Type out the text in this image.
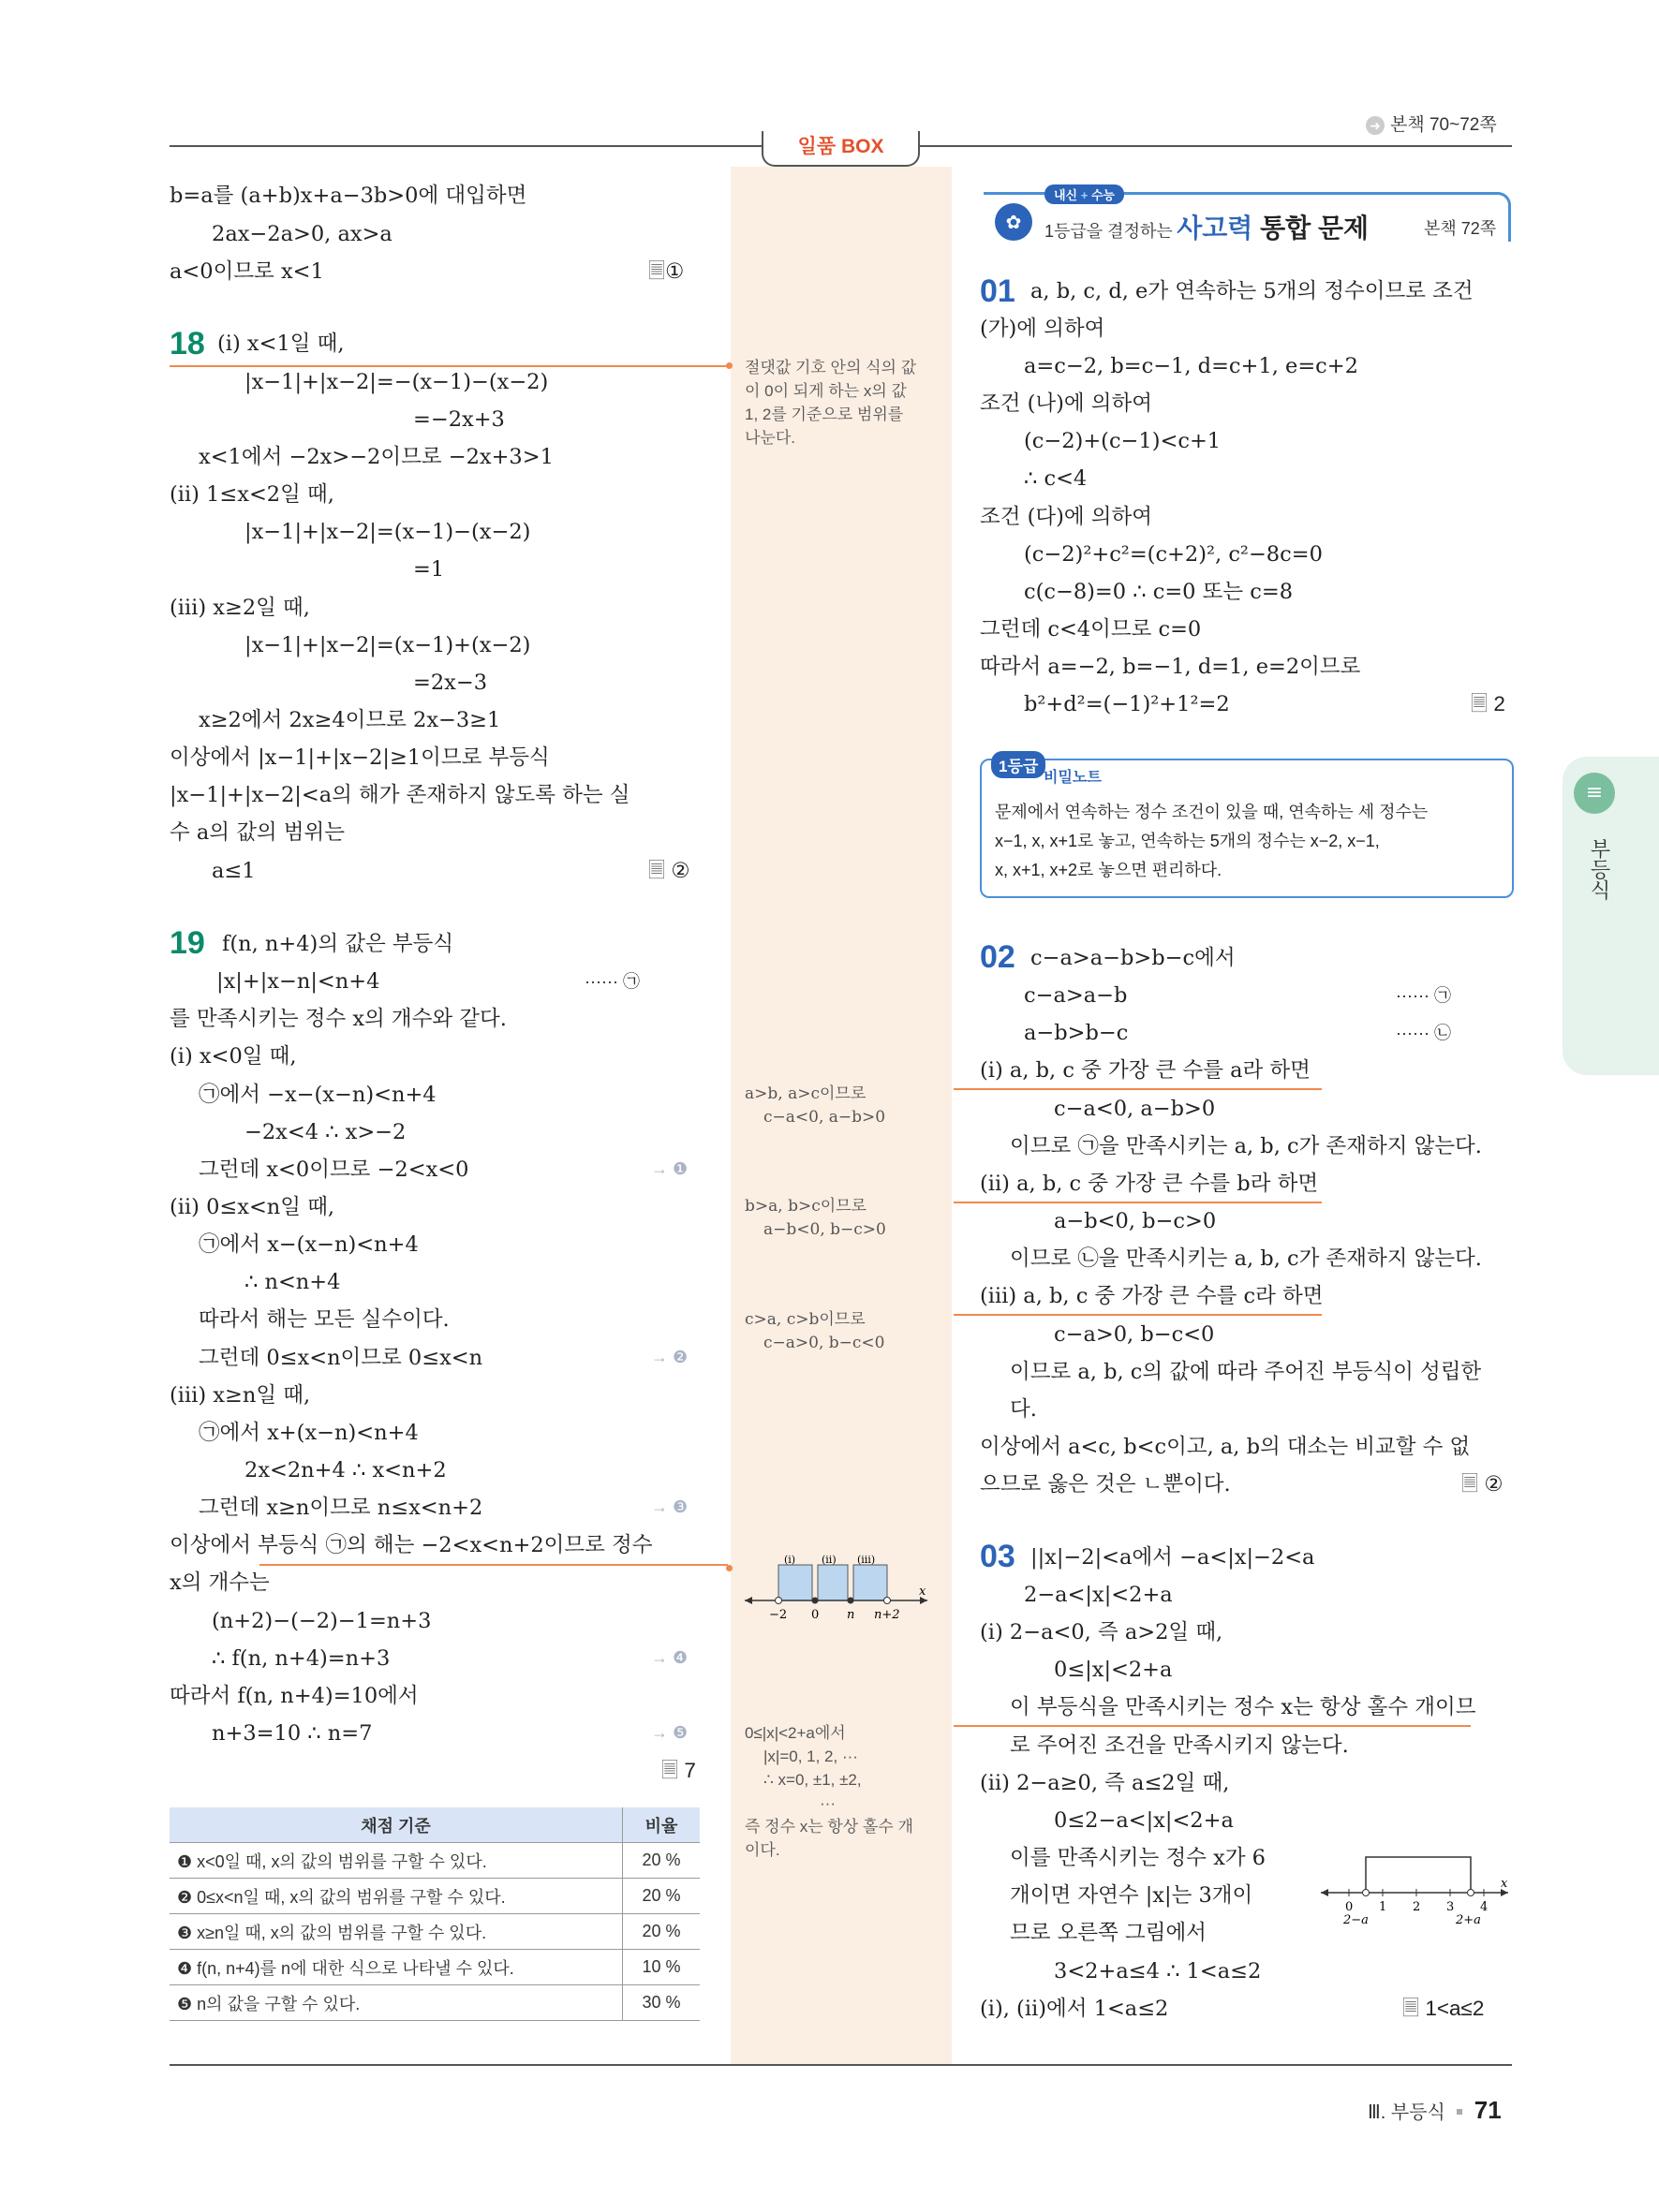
➜ 본책 70~72쪽
일품 BOX
b=a를 (a+b)x+a−3b>0에 대입하면
2ax−2a>0, ax>a
a<0이므로 x<1	🗏①
18 (ⅰ) x<1일 때,
|x−1|+|x−2|=−(x−1)−(x−2)
=−2x+3
x<1에서 −2x>−2이므로 −2x+3>1
(ⅱ) 1≤x<2일 때,
|x−1|+|x−2|=(x−1)−(x−2)
=1
(ⅲ) x≥2일 때,
|x−1|+|x−2|=(x−1)+(x−2)
=2x−3
x≥2에서 2x≥4이므로 2x−3≥1
이상에서 |x−1|+|x−2|≥1이므로 부등식
|x−1|+|x−2|<a의 해가 존재하지 않도록 하는 실
수 a의 값의 범위는
a≤1	🗏 ②
19 f(n, n+4)의 값은 부등식
|x|+|x−n|<n+4	······ ㉠
를 만족시키는 정수 x의 개수와 같다.
(ⅰ) x<0일 때,
㉠에서 −x−(x−n)<n+4
−2x<4 ∴ x>−2
그런데 x<0이므로 −2<x<0	→ ❶
(ⅱ) 0≤x<n일 때,
㉠에서 x−(x−n)<n+4
∴ n<n+4
따라서 해는 모든 실수이다.
그런데 0≤x<n이므로 0≤x<n	→ ❷
(ⅲ) x≥n일 때,
㉠에서 x+(x−n)<n+4
2x<2n+4 ∴ x<n+2
그런데 x≥n이므로 n≤x<n+2	→ ❸
이상에서 부등식 ㉠의 해는 −2<x<n+2이므로 정수
x의 개수는
(n+2)−(−2)−1=n+3
∴ f(n, n+4)=n+3	→ ❹
따라서 f(n, n+4)=10에서
n+3=10 ∴ n=7	→ ❺
🗏 7
채점 기준	비율
❶ x<0일 때, x의 값의 범위를 구할 수 있다.	20 %
❷ 0≤x<n일 때, x의 값의 범위를 구할 수 있다.	20 %
❸ x≥n일 때, x의 값의 범위를 구할 수 있다.	20 %
❹ f(n, n+4)를 n에 대한 식으로 나타낼 수 있다.	10 %
❺ n의 값을 구할 수 있다.	30 %
절댓값 기호 안의 식의 값
이 0이 되게 하는 x의 값
1, 2를 기준으로 범위를
나눈다.
a>b, a>c이므로
c−a<0, a−b>0
b>a, b>c이므로
a−b<0, b−c>0
c>a, c>b이므로
c−a>0, b−c<0
(ⅰ)	(ⅱ) (ⅲ)
−2 0 n n+2
x
0≤|x|<2+a에서
|x|=0, 1, 2, ···
∴ x=0, ±1, ±2,
···
즉 정수 x는 항상 홀수 개
이다.
내신 + 수능
✿	1등급을 결정하는 사고력 통합 문제	본책 72쪽
01 a, b, c, d, e가 연속하는 5개의 정수이므로 조건
(가)에 의하여
a=c−2, b=c−1, d=c+1, e=c+2
조건 (나)에 의하여
(c−2)+(c−1)<c+1
∴ c<4
조건 (다)에 의하여
(c−2)²+c²=(c+2)², c²−8c=0
c(c−8)=0 ∴ c=0 또는 c=8
그런데 c<4이므로 c=0
따라서 a=−2, b=−1, d=1, e=2이므로
b²+d²=(−1)²+1²=2	🗏 2
1등급
비밀노트
문제에서 연속하는 정수 조건이 있을 때, 연속하는 세 정수는
x−1, x, x+1로 놓고, 연속하는 5개의 정수는 x−2, x−1,
x, x+1, x+2로 놓으면 편리하다.
02 c−a>a−b>b−c에서
c−a>a−b	······ ㉠
a−b>b−c	······ ㉡
(ⅰ) a, b, c 중 가장 큰 수를 a라 하면
c−a<0, a−b>0
이므로 ㉠을 만족시키는 a, b, c가 존재하지 않는다.
(ⅱ) a, b, c 중 가장 큰 수를 b라 하면
a−b<0, b−c>0
이므로 ㉡을 만족시키는 a, b, c가 존재하지 않는다.
(ⅲ) a, b, c 중 가장 큰 수를 c라 하면
c−a>0, b−c<0
이므로 a, b, c의 값에 따라 주어진 부등식이 성립한
다.
이상에서 a<c, b<c이고, a, b의 대소는 비교할 수 없
으므로 옳은 것은 ㄴ뿐이다.	🗏 ②
03 ||x|−2|<a에서 −a<|x|−2<a
2−a<|x|<2+a
(ⅰ) 2−a<0, 즉 a>2일 때,
0≤|x|<2+a
이 부등식을 만족시키는 정수 x는 항상 홀수 개이므
로 주어진 조건을 만족시키지 않는다.
(ⅱ) 2−a≥0, 즉 a≤2일 때,
0≤2−a<|x|<2+a
이를 만족시키는 정수 x가 6
개이면 자연수 |x|는 3개이
므로 오른쪽 그림에서
3<2+a≤4 ∴ 1<a≤2
(ⅰ), (ⅱ)에서 1<a≤2	🗏 1<a≤2
0 1 2 3 4
x
2−a	2+a
≡
부등식
Ⅲ. 부등식 71
